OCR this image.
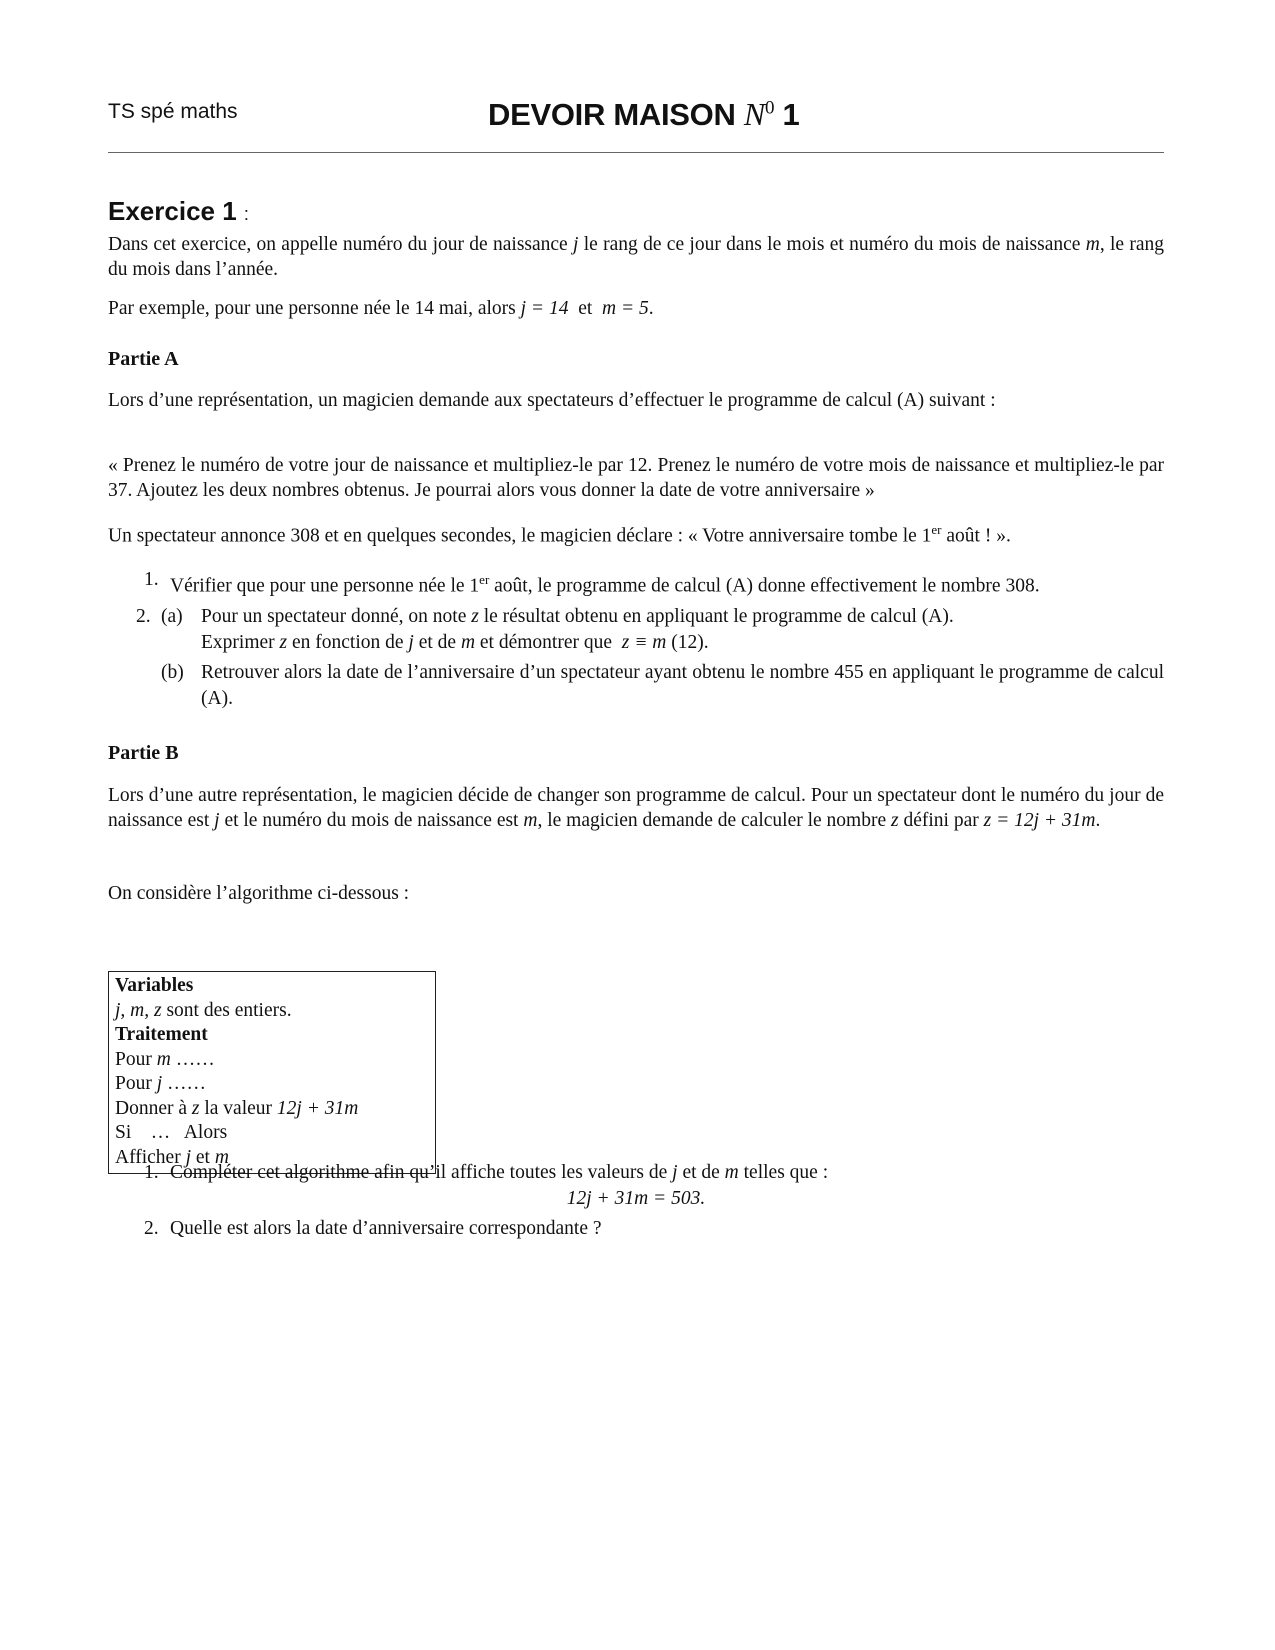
TS spé maths	DEVOIR MAISON $N^0$ 1
Exercice 1 :
Dans cet exercice, on appelle numéro du jour de naissance j le rang de ce jour dans le mois et numéro du mois de naissance m, le rang du mois dans l’année.
Par exemple, pour une personne née le 14 mai, alors j = 14 et m = 5.
Partie A
Lors d’une représentation, un magicien demande aux spectateurs d’effectuer le programme de calcul (A) suivant :
« Prenez le numéro de votre jour de naissance et multipliez-le par 12. Prenez le numéro de votre mois de naissance et multipliez-le par 37. Ajoutez les deux nombres obtenus. Je pourrai alors vous donner la date de votre anniversaire »
Un spectateur annonce 308 et en quelques secondes, le magicien déclare : « Votre anniversaire tombe le 1er août ! ».
1. Vérifier que pour une personne née le 1er août, le programme de calcul (A) donne effectivement le nombre 308.
2. (a) Pour un spectateur donné, on note z le résultat obtenu en appliquant le programme de calcul (A).
Exprimer z en fonction de j et de m et démontrer que z ≡ m (12).
(b) Retrouver alors la date de l’anniversaire d’un spectateur ayant obtenu le nombre 455 en appliquant le programme de calcul (A).
Partie B
Lors d’une autre représentation, le magicien décide de changer son programme de calcul. Pour un spectateur dont le numéro du jour de naissance est j et le numéro du mois de naissance est m, le magicien demande de calculer le nombre z défini par z = 12j + 31m.
On considère l’algorithme ci-dessous :
Variables
j, m, z sont des entiers.
Traitement
Pour m ……
Pour j ……
Donner à z la valeur 12j + 31m
Si … Alors
Afficher j et m
1. Compléter cet algorithme afin qu’il affiche toutes les valeurs de j et de m telles que :
12j + 31m = 503.
2. Quelle est alors la date d’anniversaire correspondante ?
